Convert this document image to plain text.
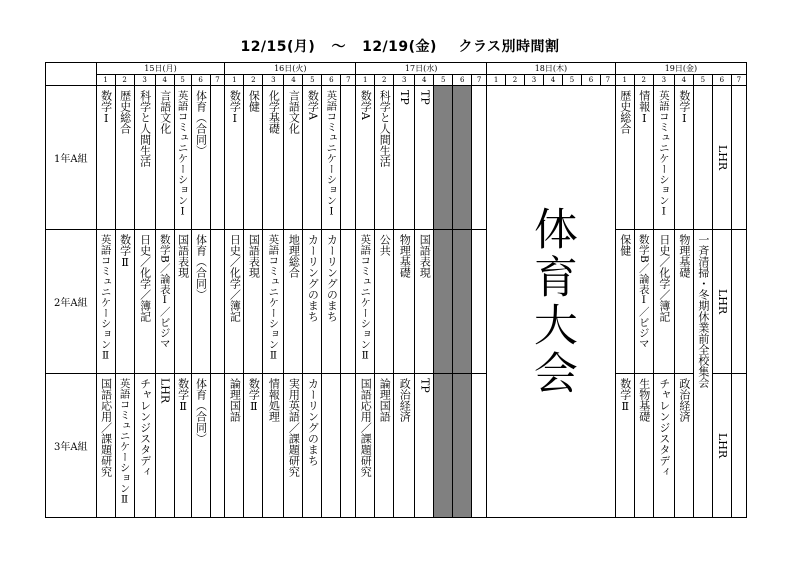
12/15(月) 〜 12/19(金) クラス別時間割
	15日(月)							16日(火)							17日(水)							18日(木)							19日(金)						
	1	2	3	4	5	6	7	1	2	3	4	5	6	7	1	2	3	4	5	6	7	1	2	3	4	5	6	7	1	2	3	4	5	6	7
1年A組	数学Ⅰ	歴史総合	科学と人間生活	言語文化	英語コミュニケーションⅠ	体育（合同）		数学Ⅰ	保健	化学基礎	言語文化	数学A	英語コミュニケーションⅠ		数学A	科学と人間生活	TP	TP				体育大会							歴史総合	情報Ⅰ	英語コミュニケーションⅠ	数学Ⅰ		LHR	

2年A組	英語コミュニケーションⅡ	数学Ⅱ	日史／化学／簿記	数学B／論表Ⅰ／ビジマ	国語表現	体育（合同）		日史／化学／簿記	国語表現	英語コミュニケーションⅡ	地理総合	カーリングのまち	カーリングのまち		英語コミュニケーションⅡ	公共	物理基礎	国語表現											保健	数学B／論表Ⅰ／ビジマ	日史／化学／簿記	物理基礎	一斉清掃・冬期休業前全校集会	LHR	

3年A組	国語応用／課題研究	英語コミュニケーションⅡ	チャレンジスタディ	LHR	数学Ⅱ	体育（合同）		論理国語	数学Ⅱ	情報処理	実用英語／課題研究	カーリングのまち			国語応用／課題研究	論理国語	政治経済	TP											数学Ⅱ	生物基礎	チャレンジスタディ	政治経済		LHR	
